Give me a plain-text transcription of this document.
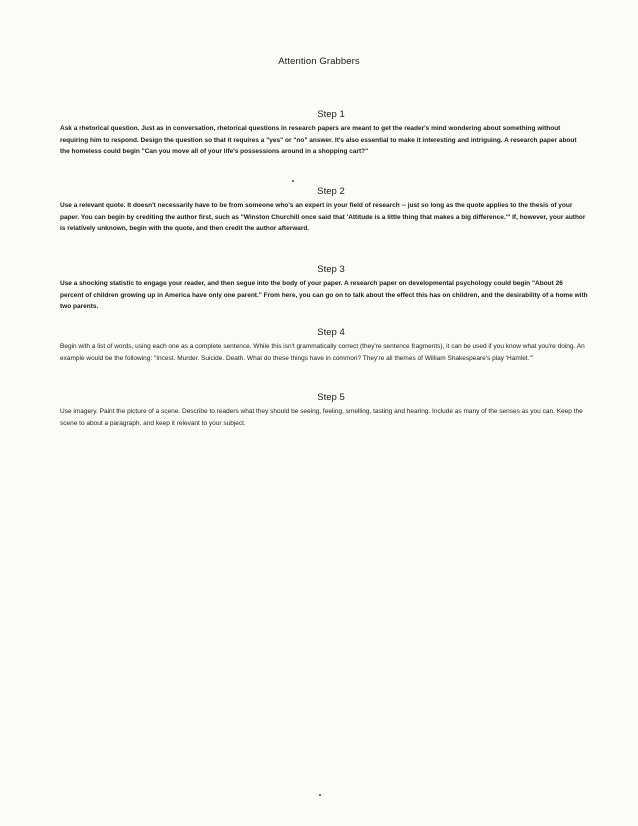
Attention Grabbers
Step 1

Ask a rhetorical question. Just as in conversation, rhetorical questions in research papers are meant to get the reader's mind wondering about something without requiring him to respond. Design the question so that it requires a "yes" or "no" answer. It's also essential to make it interesting and intriguing. A research paper about the homeless could begin "Can you move all of your life's possessions around in a shopping cart?"

Step 2

Use a relevant quote. It doesn't necessarily have to be from someone who's an expert in your field of research -- just so long as the quote applies to the thesis of your paper. You can begin by crediting the author first, such as "Winston Churchill once said that 'Attitude is a little thing that makes a big difference.'" If, however, your author is relatively unknown, begin with the quote, and then credit the author afterward.

Step 3

Use a shocking statistic to engage your reader, and then segue into the body of your paper. A research paper on developmental psychology could begin "About 26 percent of children growing up in America have only one parent." From here, you can go on to talk about the effect this has on children, and the desirability of a home with two parents.

Step 4

Begin with a list of words, using each one as a complete sentence. While this isn't grammatically correct (they're sentence fragments), it can be used if you know what you're doing. An example would be the following: "Incest. Murder. Suicide. Death. What do these things have in common? They're all themes of William Shakespeare's play 'Hamlet.'"

Step 5

Use imagery. Paint the picture of a scene. Describe to readers what they should be seeing, feeling, smelling, tasting and hearing. Include as many of the senses as you can. Keep the scene to about a paragraph, and keep it relevant to your subject.
